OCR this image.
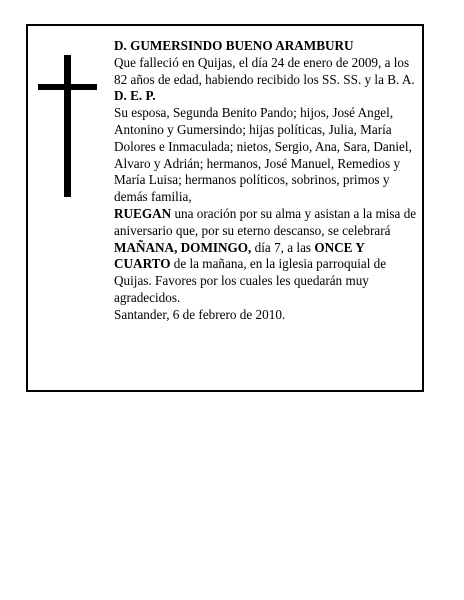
D. GUMERSINDO BUENO ARAMBURU

Que falleció en Quijas, el día 24 de enero de 2009, a los 82 años de edad, habiendo recibido los SS. SS. y la B. A.

D. E. P.

Su esposa, Segunda Benito Pando; hijos, José Angel, Antonino y Gumersindo; hijas políticas, Julia, María Dolores e Inmaculada; nietos, Sergio, Ana, Sara, Daniel, Alvaro y Adrián; hermanos, José Manuel, Remedios y María Luisa; hermanos políticos, sobrinos, primos y demás familia,

RUEGAN una oración por su alma y asistan a la misa de aniversario que, por su eterno descanso, se celebrará MAÑANA, DOMINGO, día 7, a las ONCE Y CUARTO de la mañana, en la iglesia parroquial de Quijas. Favores por los cuales les quedarán muy agradecidos.

Santander, 6 de febrero de 2010.
